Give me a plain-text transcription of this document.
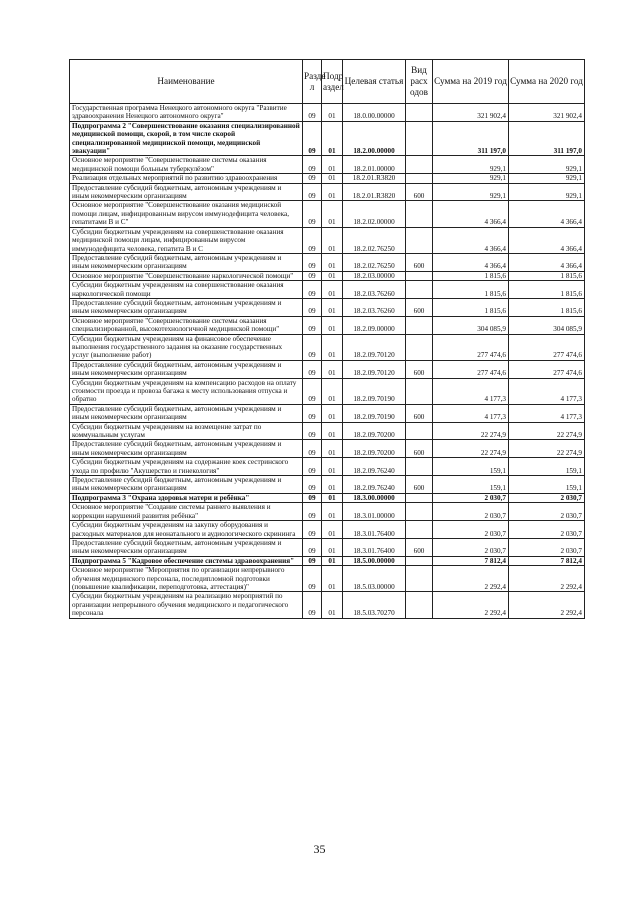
Наименование	Разде л	Подр аздел	Целевая статья	Вид расх одов	Сумма на 2019 год	Сумма на 2020 год
Государственная программа Ненецкого автономного округа "Развитие здравоохранения Ненецкого автономного округа"	09	01	18.0.00.00000		321 902,4	321 902,4
Подпрограмма 2 "Совершенствование оказания специализированной медицинской помощи, скорой, в том числе скорой специализированной медицинской помощи, медицинской эвакуации"	09	01	18.2.00.00000		311 197,0	311 197,0
Основное мероприятие "Совершенствование системы оказания медицинской помощи больным туберкулёзом"	09	01	18.2.01.00000		929,1	929,1
Реализация отдельных мероприятий по развитию здравоохранения	09	01	18.2.01.R3820		929,1	929,1
Предоставление субсидий бюджетным, автономным учреждениям и иным некоммерческим организациям	09	01	18.2.01.R3820	600	929,1	929,1
Основное мероприятие "Совершенствование оказания медицинской помощи лицам, инфицированным вирусом иммунодефицита человека, гепатитами В и С"	09	01	18.2.02.00000		4 366,4	4 366,4
Субсидии бюджетным учреждениям на совершенствование оказания медицинской помощи лицам, инфицированным вирусом иммунодефицита человека, гепатита В и С	09	01	18.2.02.76250		4 366,4	4 366,4
Предоставление субсидий бюджетным, автономным учреждениям и иным некоммерческим организациям	09	01	18.2.02.76250	600	4 366,4	4 366,4
Основное мероприятие "Совершенствование наркологической помощи"	09	01	18.2.03.00000		1 815,6	1 815,6
Субсидии бюджетным учреждениям на совершенствование оказания наркологической помощи	09	01	18.2.03.76260		1 815,6	1 815,6
Предоставление субсидий бюджетным, автономным учреждениям и иным некоммерческим организациям	09	01	18.2.03.76260	600	1 815,6	1 815,6
Основное мероприятие "Совершенствование системы оказания специализированной, высокотехнологичной медицинской помощи"	09	01	18.2.09.00000		304 085,9	304 085,9
Субсидии бюджетным учреждениям на финансовое обеспечение выполнения государственного задания на оказание государственных услуг (выполнение работ)	09	01	18.2.09.70120		277 474,6	277 474,6
Предоставление субсидий бюджетным, автономным учреждениям и иным некоммерческим организациям	09	01	18.2.09.70120	600	277 474,6	277 474,6
Субсидии бюджетным учреждениям на компенсацию расходов на оплату стоимости проезда и провоза багажа к месту использования отпуска и обратно	09	01	18.2.09.70190		4 177,3	4 177,3
Предоставление субсидий бюджетным, автономным учреждениям и иным некоммерческим организациям	09	01	18.2.09.70190	600	4 177,3	4 177,3
Субсидии бюджетным учреждениям на возмещение затрат по коммунальным услугам	09	01	18.2.09.70200		22 274,9	22 274,9
Предоставление субсидий бюджетным, автономным учреждениям и иным некоммерческим организациям	09	01	18.2.09.70200	600	22 274,9	22 274,9
Субсидии бюджетным учреждениям на содержание коек сестринского ухода по профилю "Акушерство и гинекология"	09	01	18.2.09.76240		159,1	159,1
Предоставление субсидий бюджетным, автономным учреждениям и иным некоммерческим организациям	09	01	18.2.09.76240	600	159,1	159,1
Подпрограмма 3 "Охрана здоровья матери и ребёнка"	09	01	18.3.00.00000		2 030,7	2 030,7
Основное мероприятие "Создание системы раннего выявления и коррекции нарушений развития ребёнка"	09	01	18.3.01.00000		2 030,7	2 030,7
Субсидии бюджетным учреждениям на закупку оборудования и расходных материалов для неонатального и аудиологического скрининга	09	01	18.3.01.76400		2 030,7	2 030,7
Предоставление субсидий бюджетным, автономным учреждениям и иным некоммерческим организациям	09	01	18.3.01.76400	600	2 030,7	2 030,7
Подпрограмма 5 "Кадровое обеспечение системы здравоохранения"	09	01	18.5.00.00000		7 812,4	7 812,4
Основное мероприятие "Мероприятия по организации непрерывного обучения медицинского персонала, последипломной подготовки (повышение квалификации, переподготовка, аттестация)"	09	01	18.5.03.00000		2 292,4	2 292,4
Субсидии бюджетным учреждениям на реализацию мероприятий по организации непрерывного обучения медицинского и педагогического персонала	09	01	18.5.03.70270		2 292,4	2 292,4
35
